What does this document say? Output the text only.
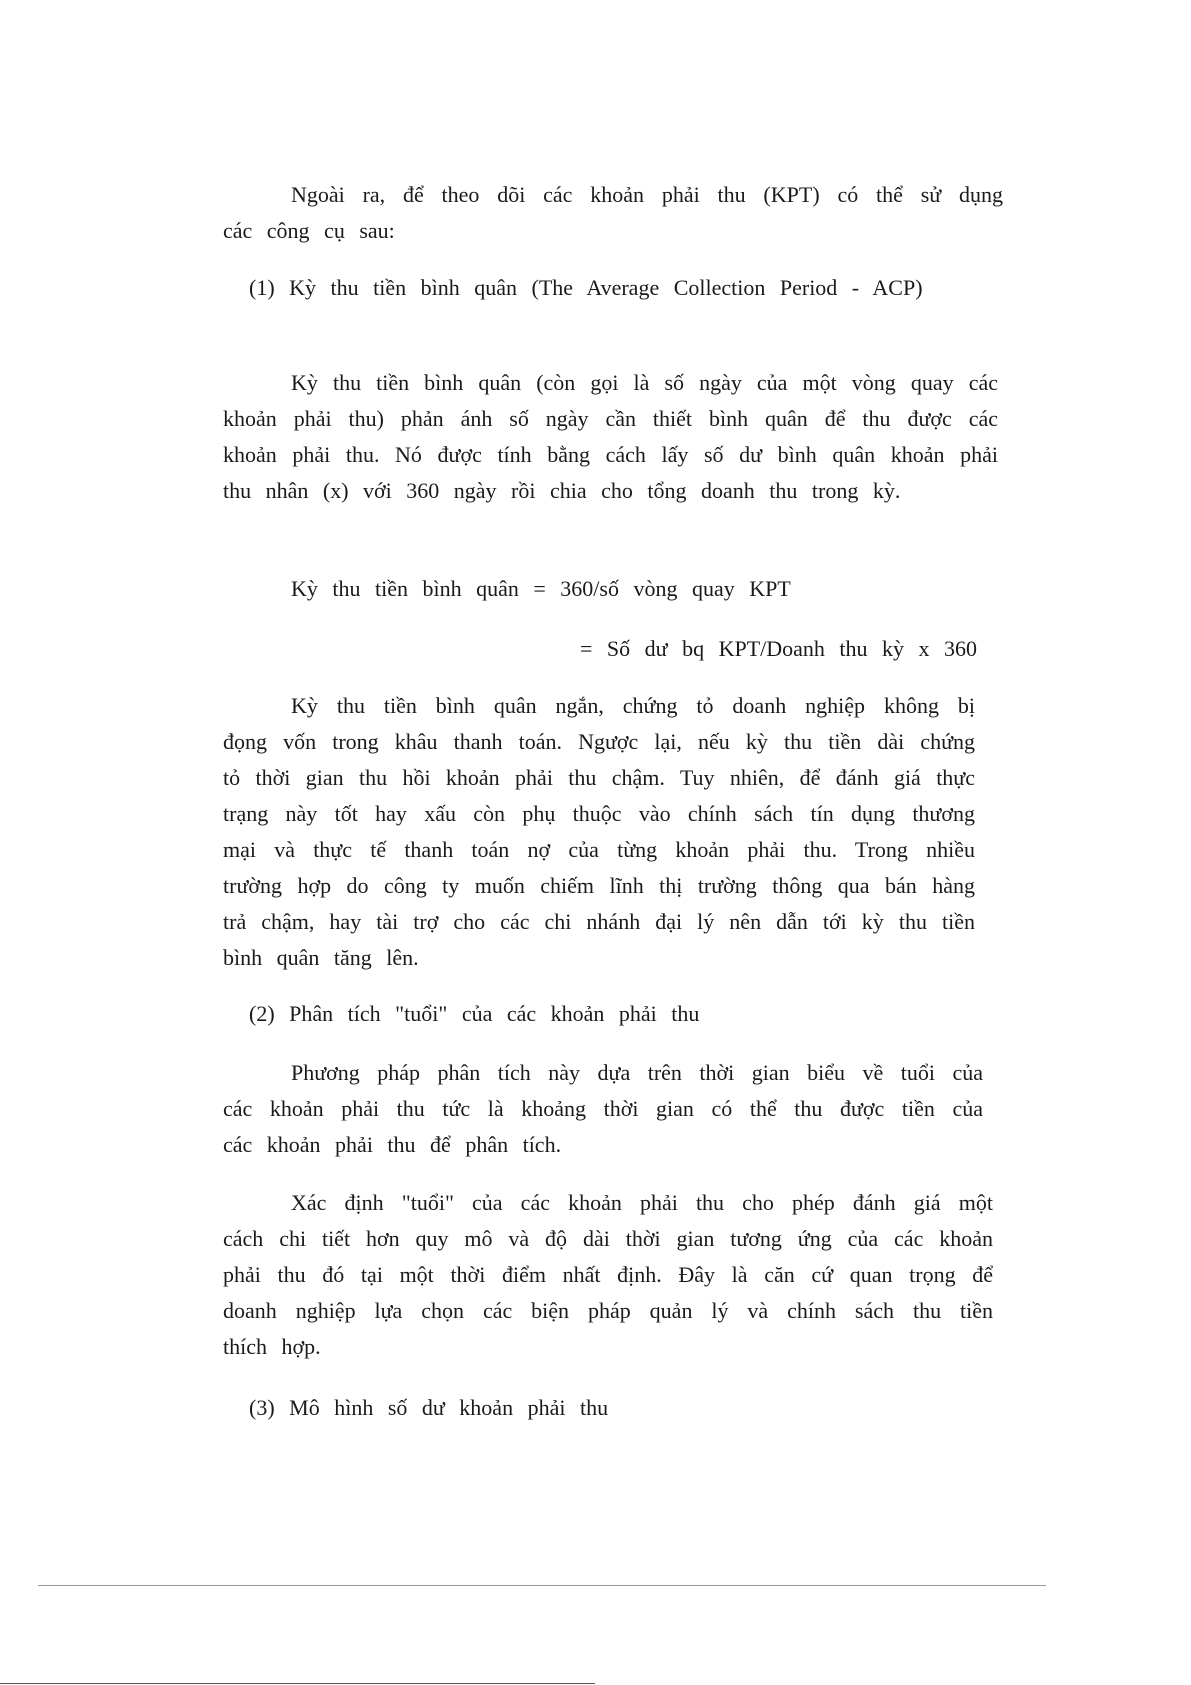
Ngoài ra, để theo dõi các khoản phải thu (KPT) có thể sử dụng các công cụ sau:

(1) Kỳ thu tiền bình quân (The Average Collection Period - ACP)

Kỳ thu tiền bình quân (còn gọi là số ngày của một vòng quay các khoản phải thu) phản ánh số ngày cần thiết bình quân để thu được các khoản phải thu. Nó được tính bằng cách lấy số dư bình quân khoản phải thu nhân (x) với 360 ngày rồi chia cho tổng doanh thu trong kỳ.

Kỳ thu tiền bình quân = 360/số vòng quay KPT

= Số dư bq KPT/Doanh thu kỳ x 360

Kỳ thu tiền bình quân ngắn, chứng tỏ doanh nghiệp không bị đọng vốn trong khâu thanh toán. Ngược lại, nếu kỳ thu tiền dài chứng tỏ thời gian thu hồi khoản phải thu chậm. Tuy nhiên, để đánh giá thực trạng này tốt hay xấu còn phụ thuộc vào chính sách tín dụng thương mại và thực tế thanh toán nợ của từng khoản phải thu. Trong nhiều trường hợp do công ty muốn chiếm lĩnh thị trường thông qua bán hàng trả chậm, hay tài trợ cho các chi nhánh đại lý nên dẫn tới kỳ thu tiền bình quân tăng lên.

(2) Phân tích "tuổi" của các khoản phải thu

Phương pháp phân tích này dựa trên thời gian biểu về tuổi của các khoản phải thu tức là khoảng thời gian có thể thu được tiền của các khoản phải thu để phân tích.

Xác định "tuổi" của các khoản phải thu cho phép đánh giá một cách chi tiết hơn quy mô và độ dài thời gian tương ứng của các khoản phải thu đó tại một thời điểm nhất định. Đây là căn cứ quan trọng để doanh nghiệp lựa chọn các biện pháp quản lý và chính sách thu tiền thích hợp.

(3) Mô hình số dư khoản phải thu
